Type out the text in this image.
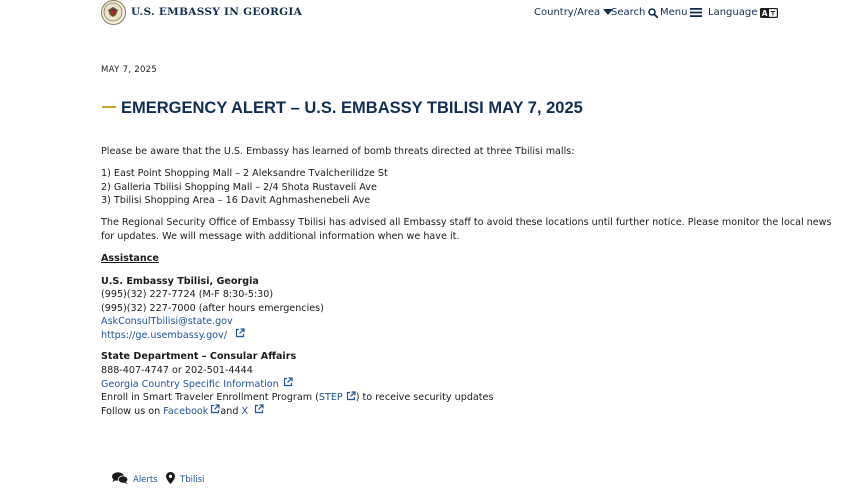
U.S. EMBASSY IN GEORGIA	Country/Area Search Menu Language A
MAY 7, 2025
EMERGENCY ALERT – U.S. EMBASSY TBILISI MAY 7, 2025

Please be aware that the U.S. Embassy has learned of bomb threats directed at three Tbilisi malls:

1) East Point Shopping Mall – 2 Aleksandre Tvalcherilidze St

2) Galleria Tbilisi Shopping Mall – 2/4 Shota Rustaveli Ave

3) Tbilisi Shopping Area – 16 Davit Aghmashenebeli Ave

The Regional Security Office of Embassy Tbilisi has advised all Embassy staff to avoid these locations until further notice. Please monitor the local news

for updates. We will message with additional information when we have it.

Assistance

U.S. Embassy Tbilisi, Georgia

(995)(32) 227-7724 (M-F 8:30-5:30)

(995)(32) 227-7000 (after hours emergencies)

AskConsulTbilisi@state.gov
https://ge.usembassy.gov/

State Department – Consular Affairs

888-407-4747 or 202-501-4444

Georgia Country Specific Information
Enroll in Smart Traveler Enrollment Program ( STEP ) to receive security updates
Follow us on Facebook and X
Alerts	Tbilisi
